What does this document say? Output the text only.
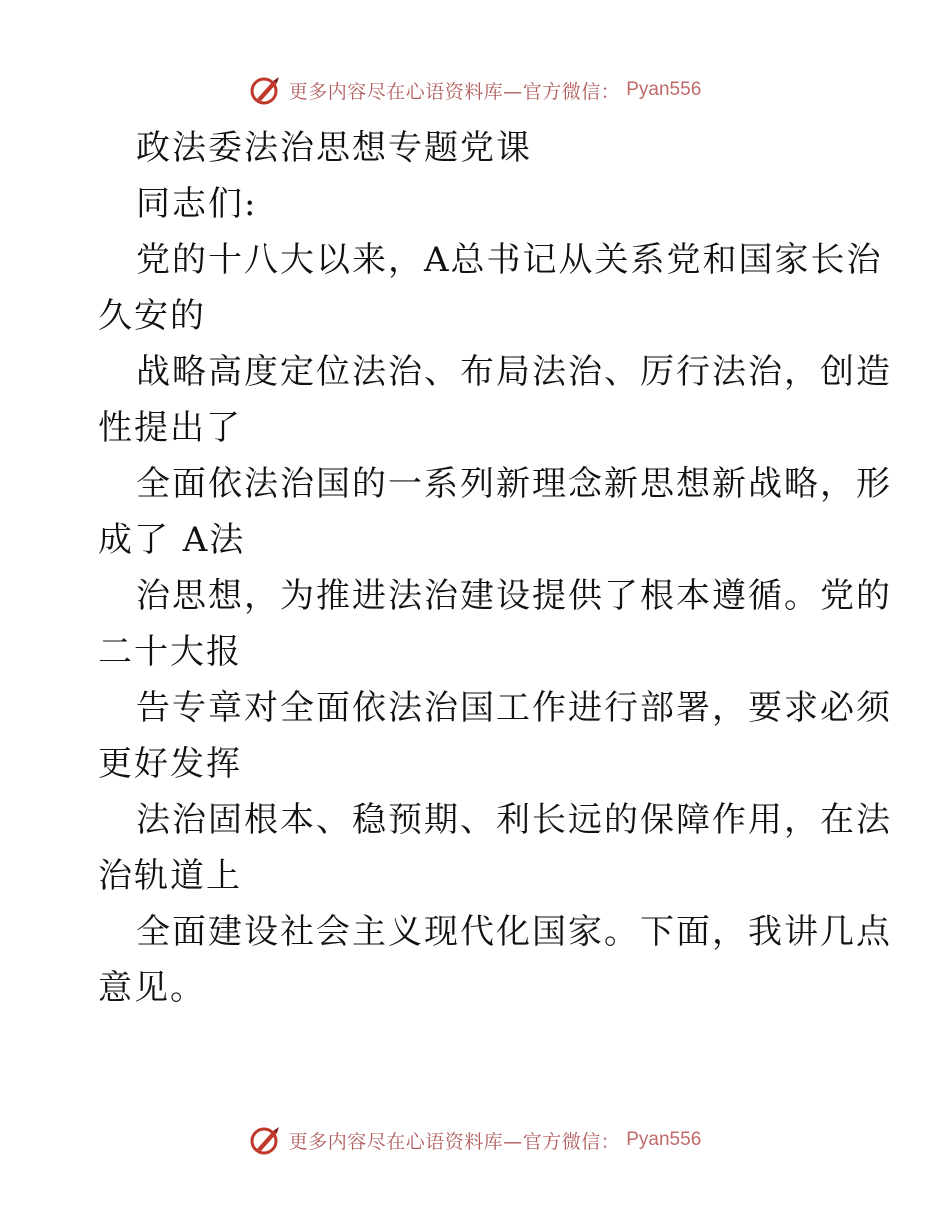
更多内容尽在心语资料库—官方微信： Pyan556
政法委法治思想专题党课
同志们:
党的十八大以来，A总书记从关系党和国家长治
久安的
战略高度定位法治、布局法治、厉行法治，创造
性提出了
全面依法治国的一系列新理念新思想新战略，形
成了 A法
治思想，为推进法治建设提供了根本遵循。党的
二十大报
告专章对全面依法治国工作进行部署，要求必须
更好发挥
法治固根本、稳预期、利长远的保障作用，在法
治轨道上
全面建设社会主义现代化国家。下面，我讲几点
意见。
更多内容尽在心语资料库—官方微信： Pyan556
